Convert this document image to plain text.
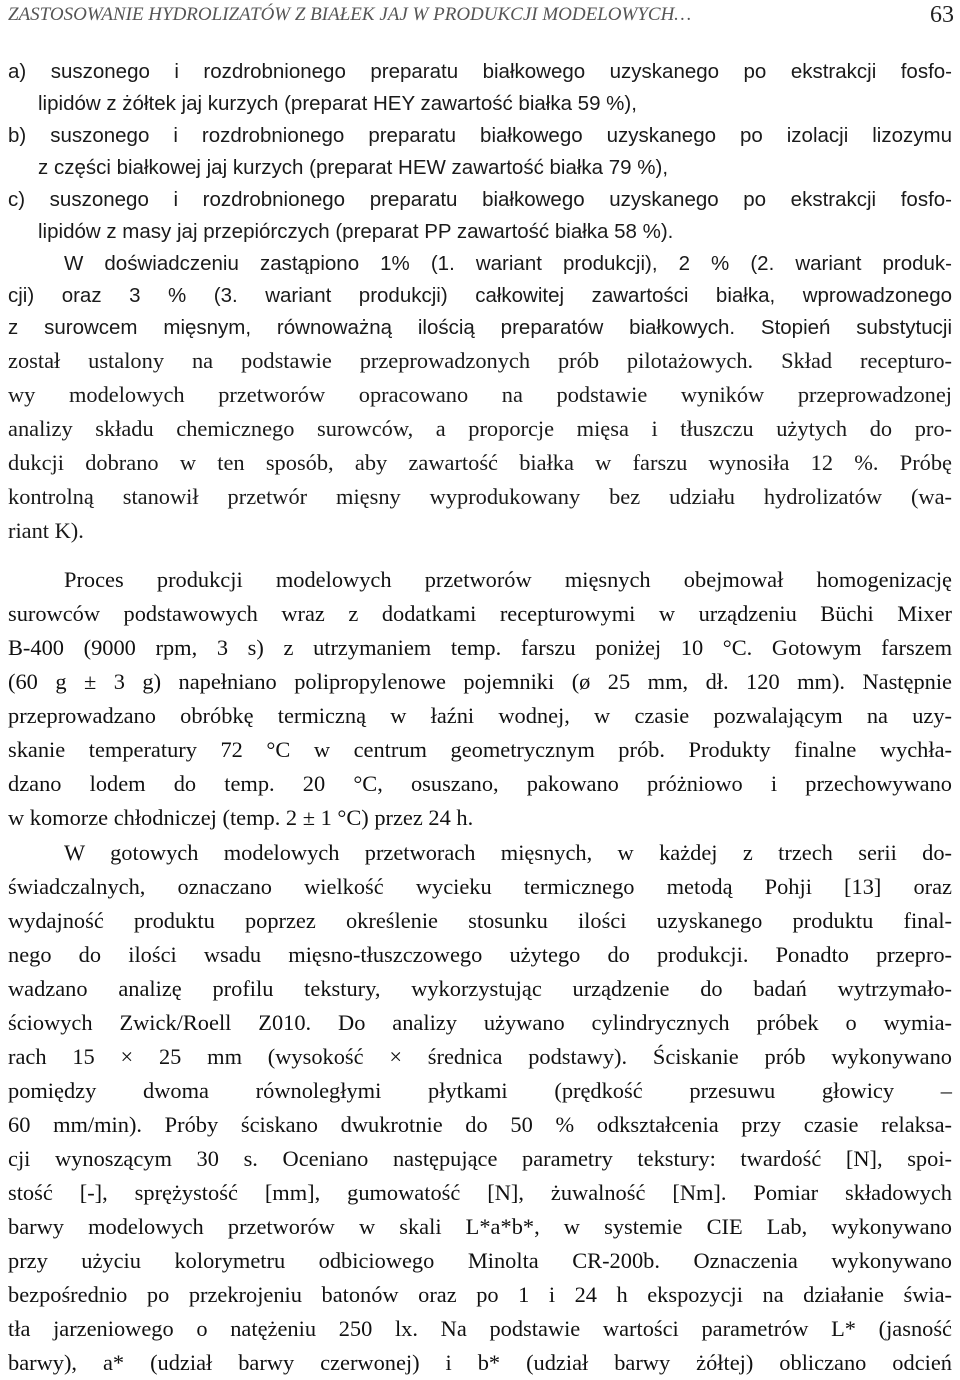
ZASTOSOWANIE HYDROLIZATÓW Z BIAŁEK JAJ W PRODUKCJI MODELOWYCH…	63
a) suszonego i rozdrobnionego preparatu białkowego uzyskanego po ekstrakcji fosfo-
lipidów z żółtek jaj kurzych (preparat HEY zawartość białka 59 %),
b) suszonego i rozdrobnionego preparatu białkowego uzyskanego po izolacji lizozymu
z części białkowej jaj kurzych (preparat HEW zawartość białka 79 %),
c) suszonego i rozdrobnionego preparatu białkowego uzyskanego po ekstrakcji fosfo-
lipidów z masy jaj przepiórczych (preparat PP zawartość białka 58 %).
W doświadczeniu zastąpiono 1% (1. wariant produkcji), 2 % (2. wariant produk-
cji) oraz 3 % (3. wariant produkcji) całkowitej zawartości białka, wprowadzonego
z surowcem mięsnym, równoważną ilością preparatów białkowych. Stopień substytucji
został ustalony na podstawie przeprowadzonych prób pilotażowych. Skład recepturo-
wy modelowych przetworów opracowano na podstawie wyników przeprowadzonej
analizy składu chemicznego surowców, a proporcje mięsa i tłuszczu użytych do pro-
dukcji dobrano w ten sposób, aby zawartość białka w farszu wynosiła 12 %. Próbę
kontrolną stanowił przetwór mięsny wyprodukowany bez udziału hydrolizatów (wa-
riant K).
Proces produkcji modelowych przetworów mięsnych obejmował homogenizację
surowców podstawowych wraz z dodatkami recepturowymi w urządzeniu Büchi Mixer
B-400 (9000 rpm, 3 s) z utrzymaniem temp. farszu poniżej 10 °C. Gotowym farszem
(60 g ± 3 g) napełniano polipropylenowe pojemniki (ø 25 mm, dł. 120 mm). Następnie
przeprowadzano obróbkę termiczną w łaźni wodnej, w czasie pozwalającym na uzy-
skanie temperatury 72 °C w centrum geometrycznym prób. Produkty finalne wychła-
dzano lodem do temp. 20 °C, osuszano, pakowano próżniowo i przechowywano
w komorze chłodniczej (temp. 2 ± 1 °C) przez 24 h.
W gotowych modelowych przetworach mięsnych, w każdej z trzech serii do-
świadczalnych, oznaczano wielkość wycieku termicznego metodą Pohji [13] oraz
wydajność produktu poprzez określenie stosunku ilości uzyskanego produktu final-
nego do ilości wsadu mięsno-tłuszczowego użytego do produkcji. Ponadto przepro-
wadzano analizę profilu tekstury, wykorzystując urządzenie do badań wytrzymało-
ściowych Zwick/Roell Z010. Do analizy używano cylindrycznych próbek o wymia-
rach 15 × 25 mm (wysokość × średnica podstawy). Ściskanie prób wykonywano
pomiędzy dwoma równoległymi płytkami (prędkość przesuwu głowicy –
60 mm/min). Próby ściskano dwukrotnie do 50 % odkształcenia przy czasie relaksa-
cji wynoszącym 30 s. Oceniano następujące parametry tekstury: twardość [N], spoi-
stość [-], sprężystość [mm], gumowatość [N], żuwalność [Nm]. Pomiar składowych
barwy modelowych przetworów w skali L*a*b*, w systemie CIE Lab, wykonywano
przy użyciu kolorymetru odbiciowego Minolta CR-200b. Oznaczenia wykonywano
bezpośrednio po przekrojeniu batonów oraz po 1 i 24 h ekspozycji na działanie świa-
tła jarzeniowego o natężeniu 250 lx. Na podstawie wartości parametrów L* (jasność
barwy), a* (udział barwy czerwonej) i b* (udział barwy żółtej) obliczano odcień
